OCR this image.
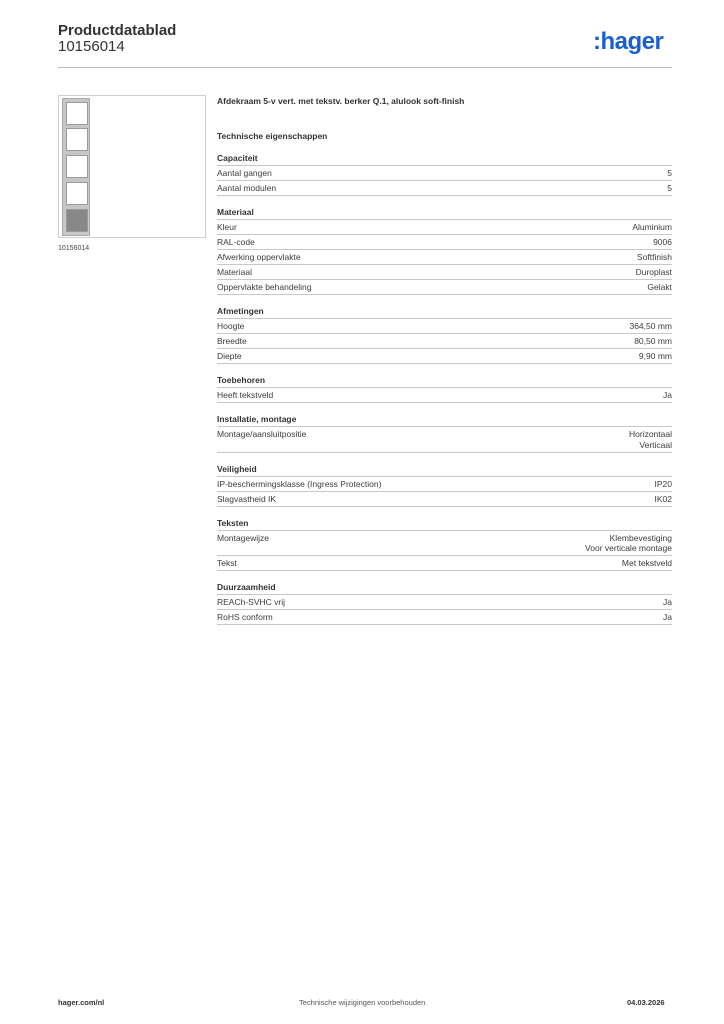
Productdatablad
10156014	:hager
10156014
Afdekraam 5-v vert. met tekstv. berker Q.1, alulook soft-finish
Technische eigenschappen
Capaciteit
Aantal gangen	5
Aantal modulen	5
Materiaal
Kleur	Aluminium
RAL-code	9006
Afwerking oppervlakte	Softfinish
Materiaal	Duroplast
Oppervlakte behandeling	Gelakt
Afmetingen
Hoogte	364,50 mm
Breedte	80,50 mm
Diepte	9,90 mm
Toebehoren
Heeft tekstveld	Ja
Installatie, montage
Montage/aansluitpositie	Horizontaal
Verticaal
Veiligheid
IP-beschermingsklasse (Ingress Protection)	IP20
Slagvastheid IK	IK02
Teksten
Montagewijze	Klembevestiging
Voor verticale montage
Tekst	Met tekstveld
Duurzaamheid
REACh-SVHC vrij	Ja
RoHS conform	Ja
hager.com/nl	Technische wijzigingen voorbehouden	04.03.2026
